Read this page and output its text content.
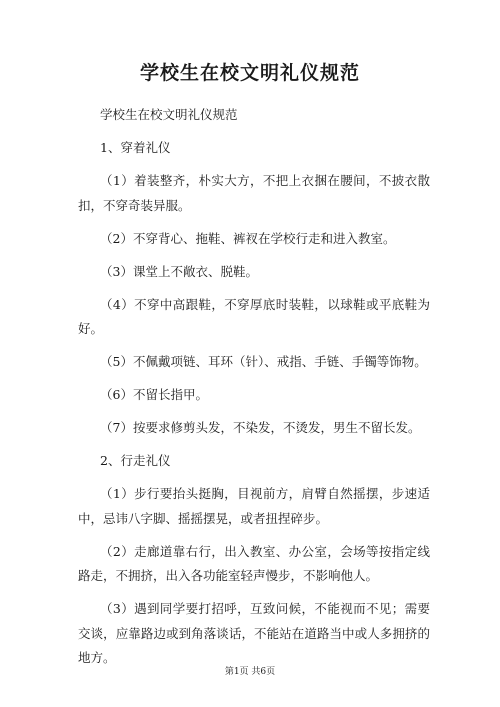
学校生在校文明礼仪规范

学校生在校文明礼仪规范

1、穿着礼仪

（1）着装整齐，朴实大方，不把上衣捆在腰间，不披衣散扣，不穿奇装异服。

（2）不穿背心、拖鞋、裤衩在学校行走和进入教室。

（3）课堂上不敞衣、脱鞋。

（4）不穿中高跟鞋，不穿厚底时装鞋，以球鞋或平底鞋为好。

（5）不佩戴项链、耳环（针）、戒指、手链、手镯等饰物。

（6）不留长指甲。

（7）按要求修剪头发，不染发，不烫发，男生不留长发。

2、行走礼仪

（1）步行要抬头挺胸，目视前方，肩臂自然摇摆，步速适中，忌讳八字脚、摇摇摆晃，或者扭捏碎步。

（2）走廊道靠右行，出入教室、办公室，会场等按指定线路走，不拥挤，出入各功能室轻声慢步，不影响他人。

（3）遇到同学要打招呼，互致问候，不能视而不见；需要交谈，应靠路边或到角落谈话，不能站在道路当中或人多拥挤的地方。

第1页 共6页
